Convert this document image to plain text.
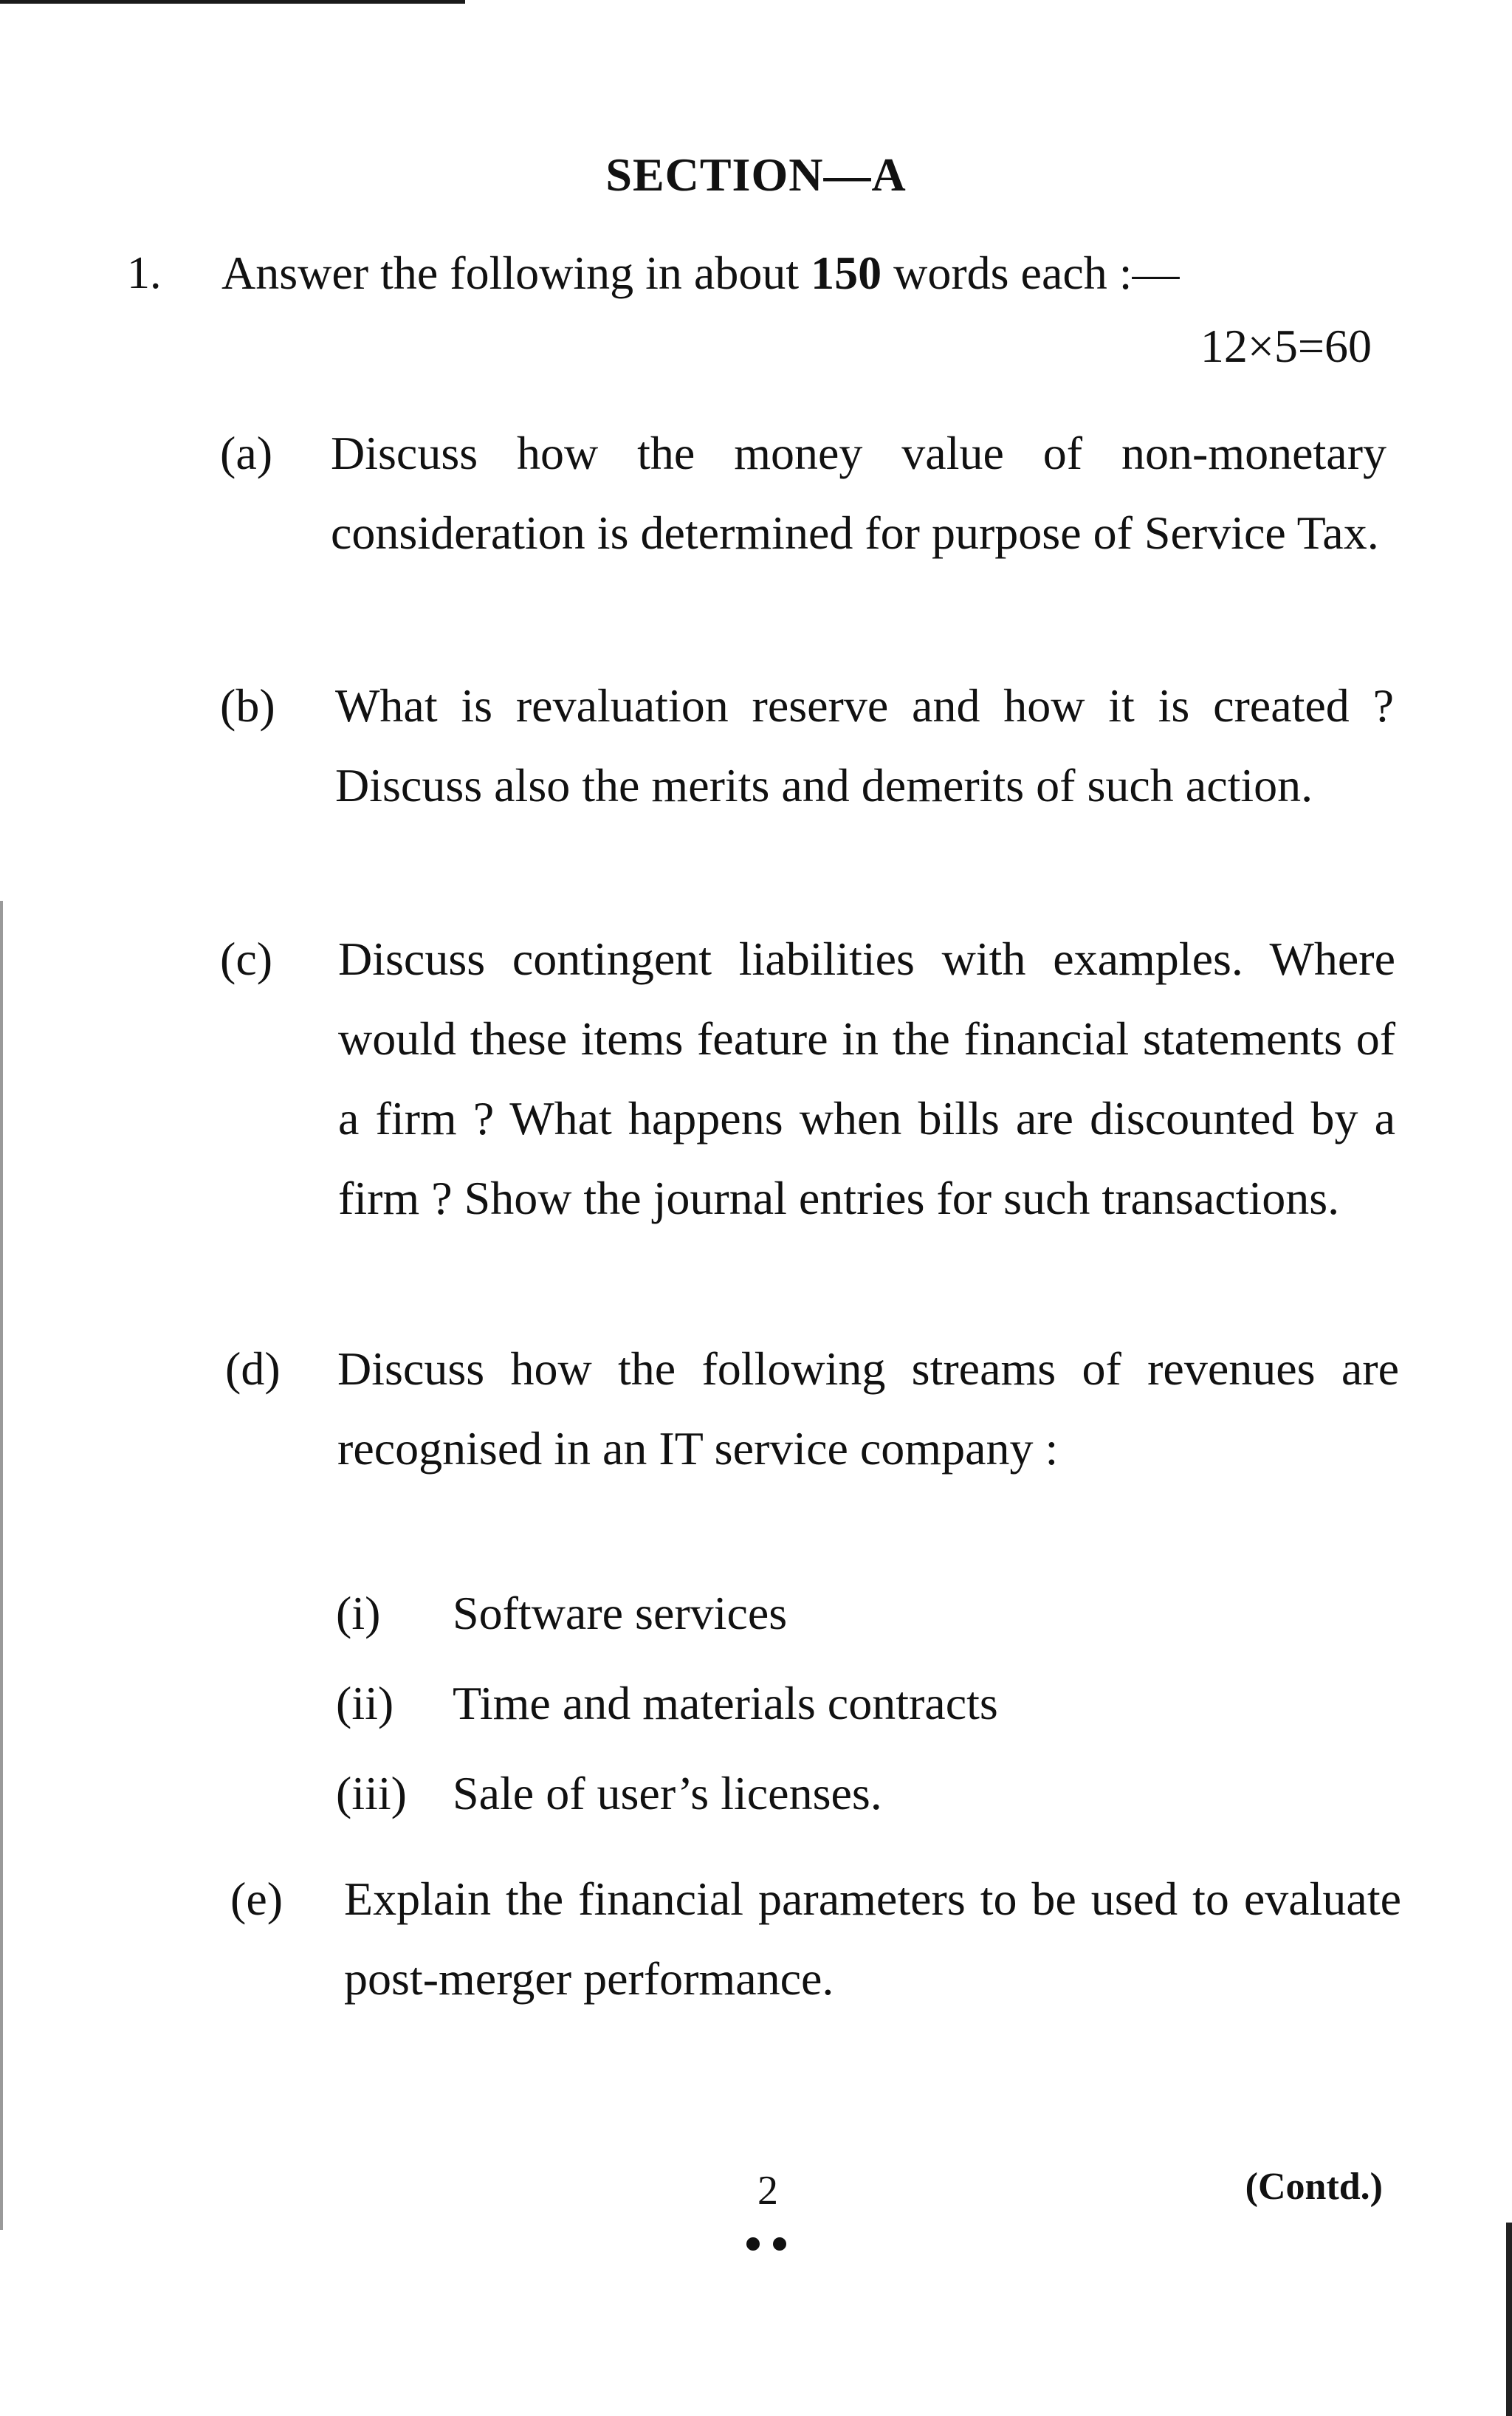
SECTION—A
1. Answer the following in about 150 words each :—
12×5=60
(a)	Discuss how the money value of non-monetary consideration is determined for purpose of Service Tax.
(b)	What is revaluation reserve and how it is created ? Discuss also the merits and demerits of such action.
(c)	Discuss contingent liabilities with examples. Where would these items feature in the financial statements of a firm ? What happens when bills are discounted by a firm ? Show the journal entries for such transactions.
(d)	Discuss how the following streams of revenues are recognised in an IT service company :
(i) Software services
(ii) Time and materials contracts
(iii) Sale of user’s licenses.
(e)	Explain the financial parameters to be used to evaluate post-merger performance.
2	(Contd.)
